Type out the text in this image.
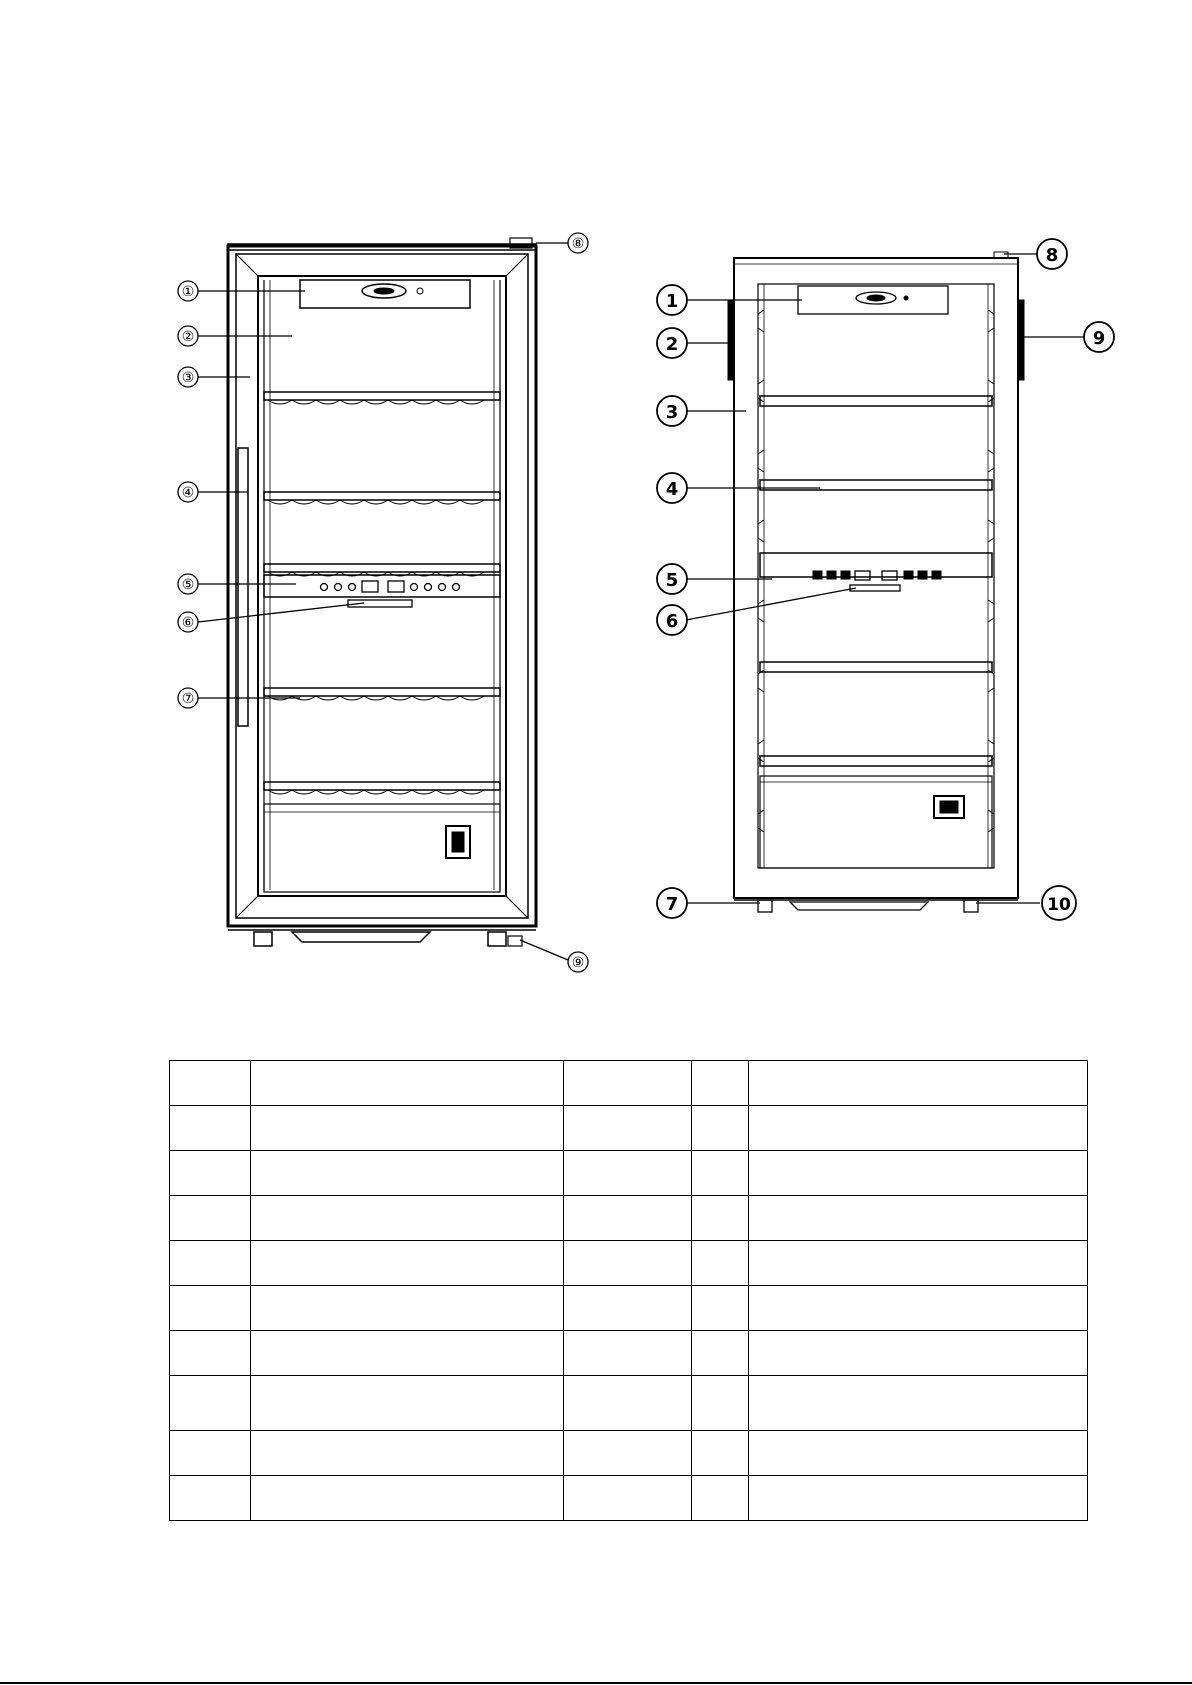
①
②
③
④
⑤
⑥
⑦
⑧
⑨
1
2
3
4
5
6
7
8
9
10
